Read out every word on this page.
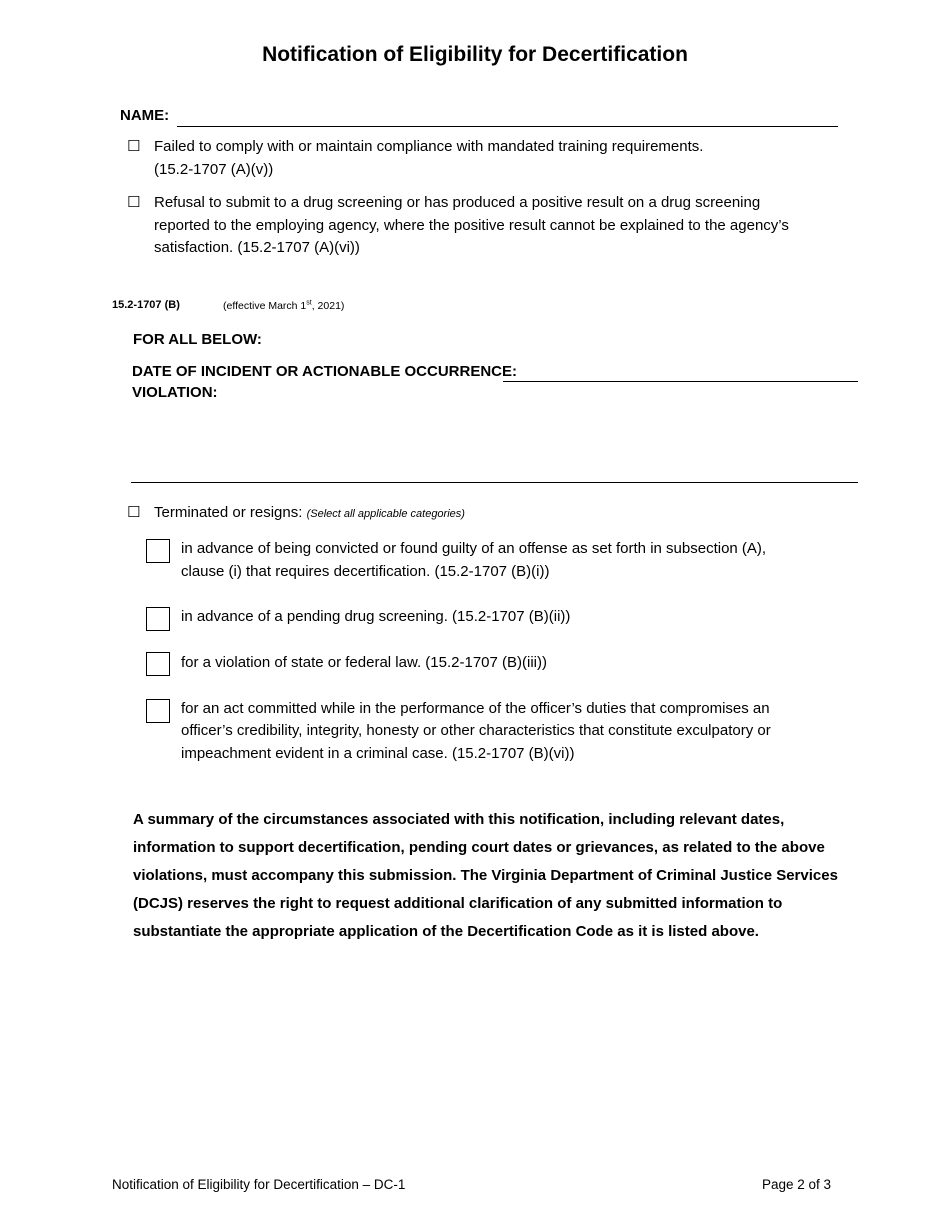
Notification of Eligibility for Decertification
NAME:
☐ Failed to comply with or maintain compliance with mandated training requirements.
(15.2-1707 (A)(v))
☐ Refusal to submit to a drug screening or has produced a positive result on a drug screening
reported to the employing agency, where the positive result cannot be explained to the agency’s
satisfaction. (15.2-1707 (A)(vi))
15.2-1707 (B)	(effective March 1st, 2021)
FOR ALL BELOW:
DATE OF INCIDENT OR ACTIONABLE OCCURRENCE:
VIOLATION:
☐ Terminated or resigns: (Select all applicable categories)
in advance of being convicted or found guilty of an offense as set forth in subsection (A),
clause (i) that requires decertification. (15.2-1707 (B)(i))
in advance of a pending drug screening. (15.2-1707 (B)(ii))
for a violation of state or federal law. (15.2-1707 (B)(iii))
for an act committed while in the performance of the officer’s duties that compromises an
officer’s credibility, integrity, honesty or other characteristics that constitute exculpatory or
impeachment evident in a criminal case. (15.2-1707 (B)(vi))
A summary of the circumstances associated with this notification, including relevant dates,
information to support decertification, pending court dates or grievances, as related to the above
violations, must accompany this submission. The Virginia Department of Criminal Justice Services
(DCJS) reserves the right to request additional clarification of any submitted information to
substantiate the appropriate application of the Decertification Code as it is listed above.
Notification of Eligibility for Decertification – DC-1	Page 2 of 3
